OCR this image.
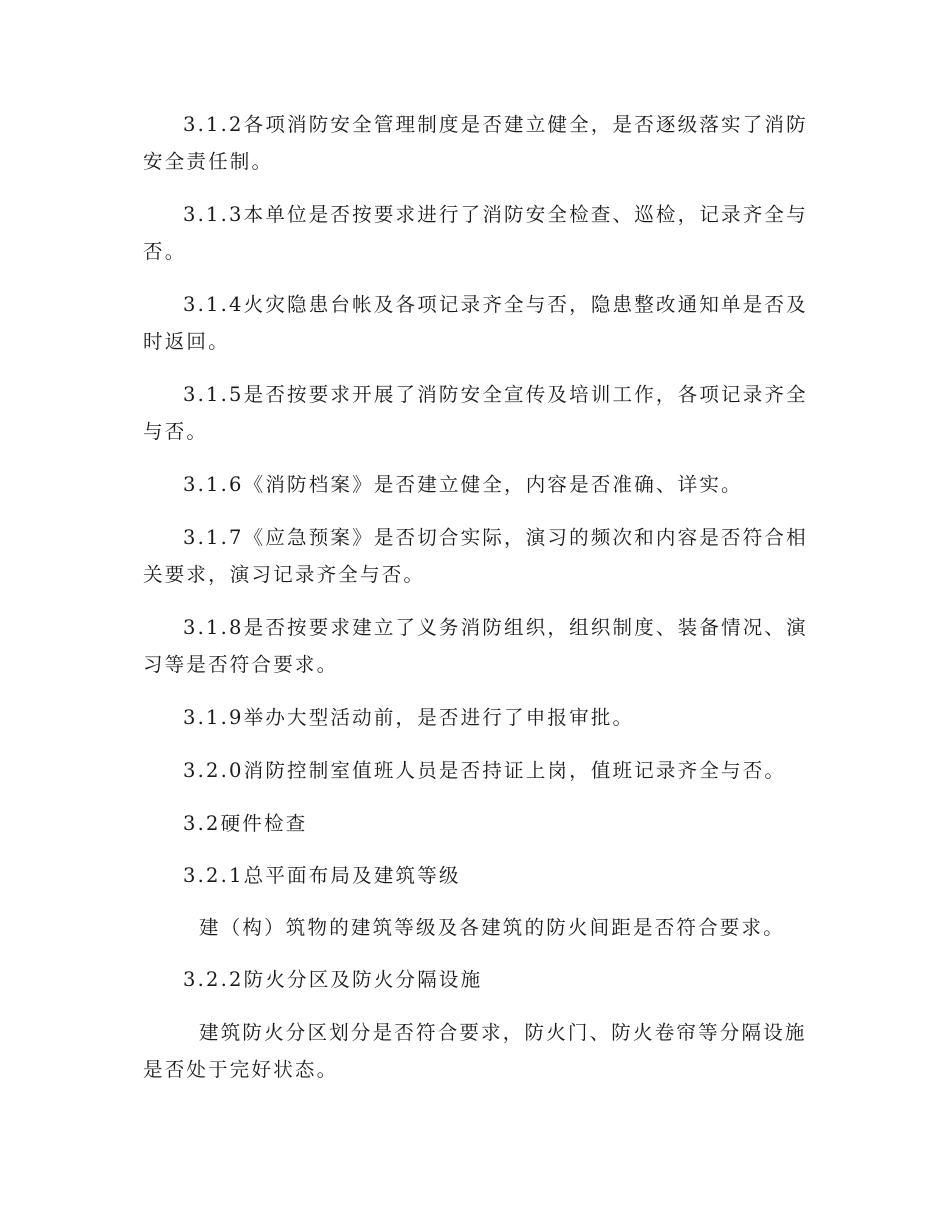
3.1.2各项消防安全管理制度是否建立健全，是否逐级落实了消防安全责任制。

3.1.3本单位是否按要求进行了消防安全检查、巡检，记录齐全与否。

3.1.4火灾隐患台帐及各项记录齐全与否，隐患整改通知单是否及时返回。

3.1.5是否按要求开展了消防安全宣传及培训工作，各项记录齐全与否。

3.1.6《消防档案》是否建立健全，内容是否准确、详实。

3.1.7《应急预案》是否切合实际，演习的频次和内容是否符合相关要求，演习记录齐全与否。

3.1.8是否按要求建立了义务消防组织，组织制度、装备情况、演习等是否符合要求。

3.1.9举办大型活动前，是否进行了申报审批。

3.2.0消防控制室值班人员是否持证上岗，值班记录齐全与否。

3.2硬件检查

3.2.1总平面布局及建筑等级

建（构）筑物的建筑等级及各建筑的防火间距是否符合要求。

3.2.2防火分区及防火分隔设施

建筑防火分区划分是否符合要求，防火门、防火卷帘等分隔设施是否处于完好状态。
